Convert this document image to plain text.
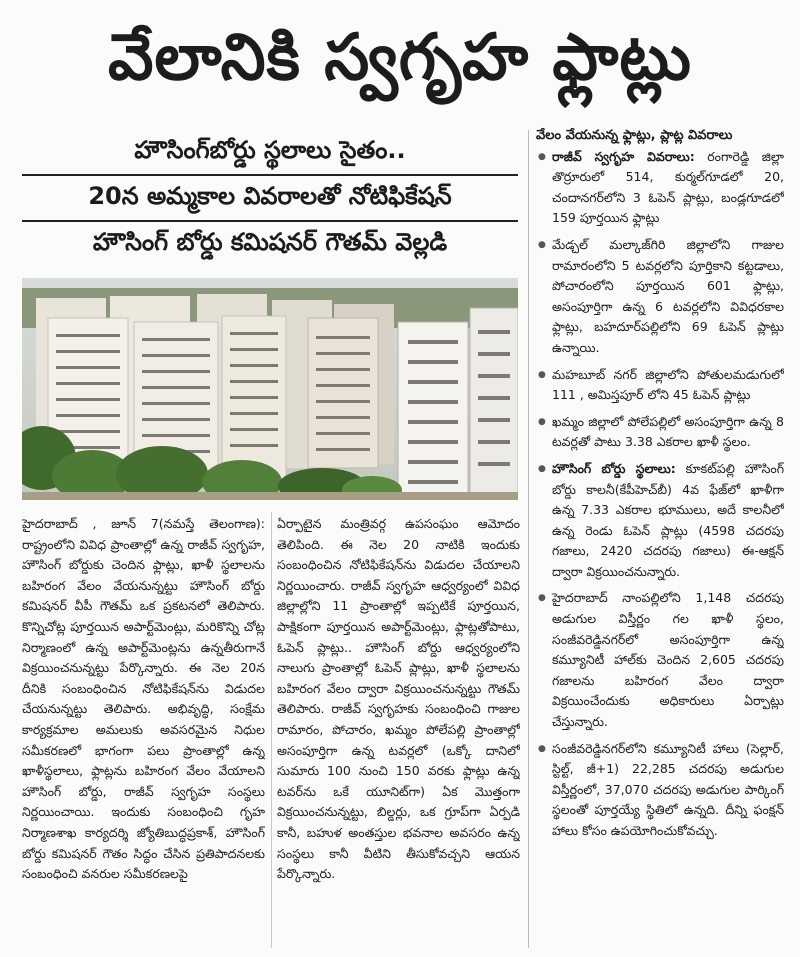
వేలానికి స్వగృహ ఫ్లాట్లు
హౌసింగ్‌బోర్డు స్థలాలు సైతం..
20న అమ్మకాల వివరాలతో నోటిఫికేషన్‌
హౌసింగ్‌ బోర్డు కమిషనర్‌ గౌతమ్‌ వెల్లడి

హైదరాబాద్‌ , జూన్‌ 7(నమస్తే తెలంగాణ): రాష్ట్రంలోని వివిధ ప్రాంతాల్లో ఉన్న రాజీవ్‌ స్వగృహ, హౌసింగ్‌ బోర్డుకు చెందిన ఫ్లాట్లు, ఖాళీ స్థలాలను బహిరంగ వేలం వేయనున్నట్టు హౌసింగ్‌ బోర్డు కమిషనర్‌ వీపీ గౌతమ్‌ ఒక ప్రకటనలో తెలిపారు. కొన్నిచోట్ల పూర్తయిన అపార్ట్‌మెంట్లు, మరికొన్ని చోట్ల నిర్మాణంలో ఉన్న అపార్ట్‌మెంట్లను ఉన్నతీరుగానే విక్రయించనున్నట్టు పేర్కొన్నారు. ఈ నెల 20న దీనికి సంబంధించిన నోటిఫికేషన్‌ను విడుదల చేయనున్నట్టు తెలిపారు. అభివృద్ధి, సంక్షేమ కార్యక్రమాల అమలుకు అవసరమైన నిధుల సమీకరణలో భాగంగా పలు ప్రాంతాల్లో ఉన్న ఖాళీస్థలాలు, ఫ్లాట్లను బహిరంగ వేలం వేయాలని హౌసింగ్‌ బోర్డు, రాజీవ్‌ స్వగృహ సంస్థలు నిర్ణయించాయి. ఇందుకు సంబంధించి గృహ నిర్మాణశాఖ కార్యదర్శి జ్యోతిబుద్ధప్రకాశ్‌, హౌసింగ్‌ బోర్డు కమిషనర్‌ గౌతం సిద్ధం చేసిన ప్రతిపాదనలకు సంబంధించి వనరుల సమీకరణలపై

ఏర్పాటైన మంత్రివర్గ ఉపసంఘం ఆమోదం తెలిపింది. ఈ నెల 20 నాటికి ఇందుకు సంబంధించిన నోటిఫికేషన్‌ను విడుదల చేయాలని నిర్ణయించారు. రాజీవ్‌ స్వగృహ ఆధ్వర్యంలో వివిధ జిల్లాల్లోని 11 ప్రాంతాల్లో ఇప్పటికే పూర్తయిన, పాక్షికంగా పూర్తయిన అపార్ట్‌మెంట్లు, ఫ్లాట్లతోపాటు, ఓపెన్‌ ప్లాట్లు.. హౌసింగ్‌ బోర్డు ఆధ్వర్యంలోని నాలుగు ప్రాంతాల్లో ఓపెన్‌ ప్లాట్లు, ఖాళీ స్థలాలను బహిరంగ వేలం ద్వారా విక్రయించనున్నట్టు గౌతమ్‌ తెలిపారు. రాజీవ్‌ స్వగృహకు సంబంధించి గాజుల రామారం, పోచారం, ఖమ్మం పోలేపల్లి ప్రాంతాల్లో అసంపూర్తిగా ఉన్న టవర్లలో (ఒక్కో దానిలో సుమారు 100 నుంచి 150 వరకు ఫ్లాట్లు ఉన్న టవర్‌ను ఒకే యూనిట్‌గా) ఏక మొత్తంగా విక్రయించనున్నట్టు, బిల్డర్లు, ఒక గ్రూప్‌గా ఏర్పడి కానీ, బహుళ అంతస్తుల భవనాల అవసరం ఉన్న సంస్థలు కానీ వీటిని తీసుకోవచ్చని ఆయన పేర్కొన్నారు.

వేలం వేయనున్న ఫ్లాట్లు, ప్లాట్ల వివరాలు

● రాజీవ్‌ స్వగృహ వివరాలు: రంగారెడ్డి జిల్లా తొర్రూరులో 514, కుర్మల్‌గూడలో 20, చందానగర్‌లోని 3 ఓపెన్‌ ప్లాట్లు, బండ్లగూడలో 159 పూర్తయిన ఫ్లాట్లు
● మేడ్చల్‌ మల్కాజ్‌గిరి జిల్లాలోని గాజుల రామారంలోని 5 టవర్లలోని పూర్తికాని కట్టడాలు, పోచారంలోని పూర్తయిన 601 ఫ్లాట్లు, అసంపూర్తిగా ఉన్న 6 టవర్లలోని వివిధరకాల ఫ్లాట్లు, బహదూర్‌పల్లిలోని 69 ఓపెన్‌ ప్లాట్లు ఉన్నాయి.
● మహబూబ్‌ నగర్‌ జిల్లాలోని పోతులమడుగులో 111 , అమిస్తపూర్‌ లోని 45 ఓపెన్‌ ప్లాట్లు
● ఖమ్మం జిల్లాలో పోలేపల్లిలో అసంపూర్తిగా ఉన్న 8 టవర్లతో పాటు 3.38 ఎకరాల ఖాళీ స్థలం.
● హౌసింగ్‌ బోర్డు స్థలాలు: కూకట్‌పల్లి హౌసింగ్‌ బోర్డు కాలనీ(కేపీహెచ్‌బీ) 4వ ఫేజ్‌లో ఖాళీగా ఉన్న 7.33 ఎకరాల భూములు, అదే కాలనీలో ఉన్న రెండు ఓపెన్‌ ప్లాట్లు (4598 చదరపు గజాలు, 2420 చదరపు గజాలు) ఈ-ఆక్షన్‌ ద్వారా విక్రయించనున్నారు.
● హైదరాబాద్‌ నాంపల్లిలోని 1,148 చదరపు అడుగుల విస్తీర్ణం గల ఖాళీ స్థలం, సంజీవరెడ్డినగర్‌లో అసంపూర్తిగా ఉన్న కమ్యూనిటీ హాల్‌కు చెందిన 2,605 చదరపు గజాలను బహిరంగ వేలం ద్వారా విక్రయించేందుకు అధికారులు ఏర్పాట్లు చేస్తున్నారు.
● సంజీవరెడ్డినగర్‌లోని కమ్యూనిటీ హాలు (సెల్లార్‌, స్టిల్ట్‌, జీ+1) 22,285 చదరపు అడుగుల విస్తీర్ణంలో, 37,070 చదరపు అడుగుల పార్కింగ్‌ స్థలంతో పూర్తయ్యే స్థితిలో ఉన్నది. దీన్ని ఫంక్షన్‌ హాలు కోసం ఉపయోగించుకోవచ్చు.
